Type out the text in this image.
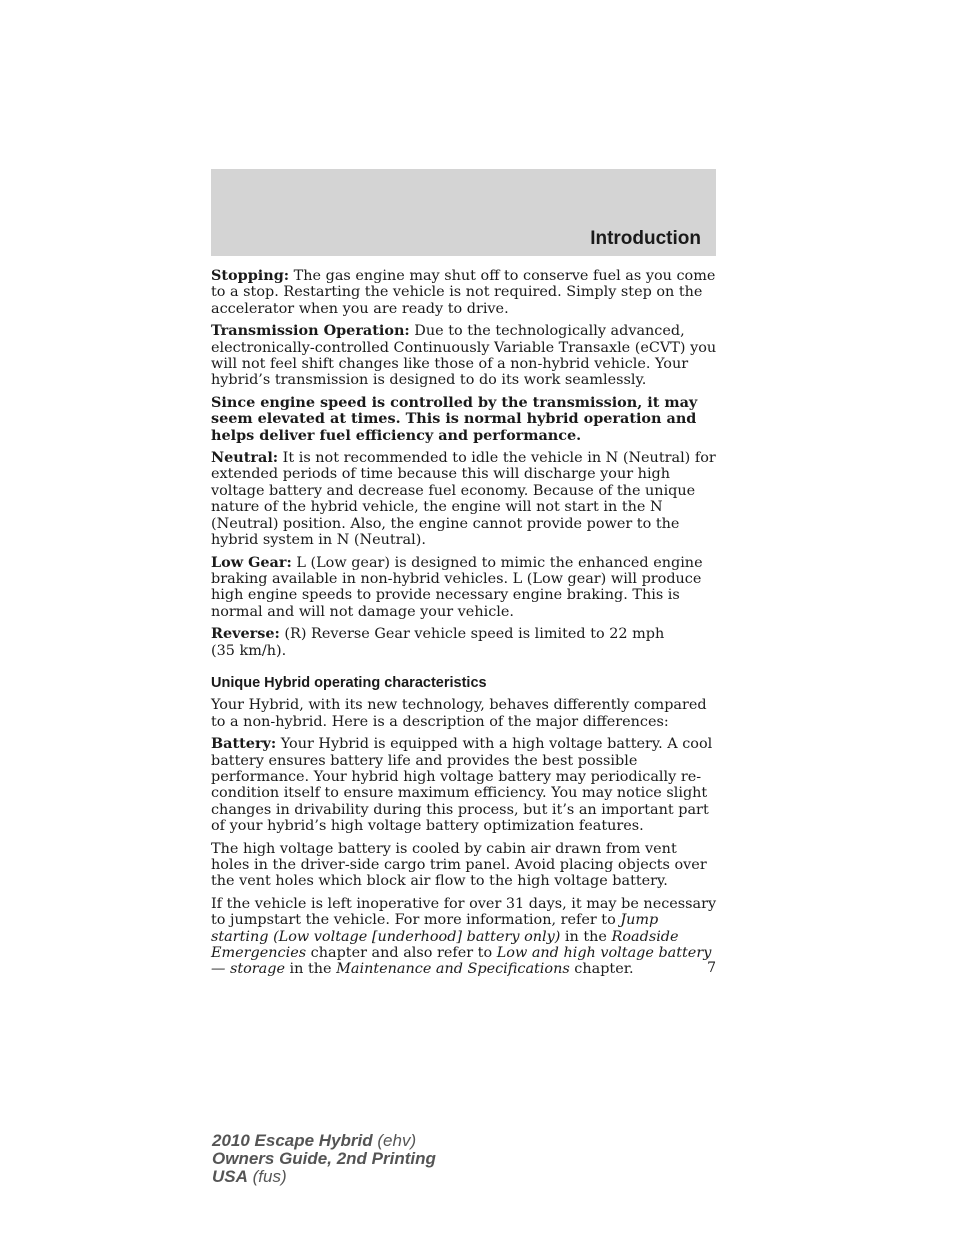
Introduction

Stopping: The gas engine may shut off to conserve fuel as you come to a stop. Restarting the vehicle is not required. Simply step on the accelerator when you are ready to drive.

Transmission Operation: Due to the technologically advanced, electronically-controlled Continuously Variable Transaxle (eCVT) you will not feel shift changes like those of a non-hybrid vehicle. Your hybrid’s transmission is designed to do its work seamlessly.

Since engine speed is controlled by the transmission, it may seem elevated at times. This is normal hybrid operation and helps deliver fuel efficiency and performance.

Neutral: It is not recommended to idle the vehicle in N (Neutral) for extended periods of time because this will discharge your high voltage battery and decrease fuel economy. Because of the unique nature of the hybrid vehicle, the engine will not start in the N (Neutral) position. Also, the engine cannot provide power to the hybrid system in N (Neutral).

Low Gear: L (Low gear) is designed to mimic the enhanced engine braking available in non-hybrid vehicles. L (Low gear) will produce high engine speeds to provide necessary engine braking. This is normal and will not damage your vehicle.

Reverse: (R) Reverse Gear vehicle speed is limited to 22 mph
(35 km/h).

Unique Hybrid operating characteristics

Your Hybrid, with its new technology, behaves differently compared to a non-hybrid. Here is a description of the major differences:

Battery: Your Hybrid is equipped with a high voltage battery. A cool battery ensures battery life and provides the best possible performance. Your hybrid high voltage battery may periodically re-condition itself to ensure maximum efficiency. You may notice slight changes in drivability during this process, but it’s an important part of your hybrid’s high voltage battery optimization features.

The high voltage battery is cooled by cabin air drawn from vent holes in the driver-side cargo trim panel. Avoid placing objects over the vent holes which block air flow to the high voltage battery.

If the vehicle is left inoperative for over 31 days, it may be necessary to jumpstart the vehicle. For more information, refer to Jump starting (Low voltage [underhood] battery only) in the Roadside Emergencies chapter and also refer to Low and high voltage battery — storage in the Maintenance and Specifications chapter.	7
2010 Escape Hybrid (ehv)
Owners Guide, 2nd Printing
USA (fus)
